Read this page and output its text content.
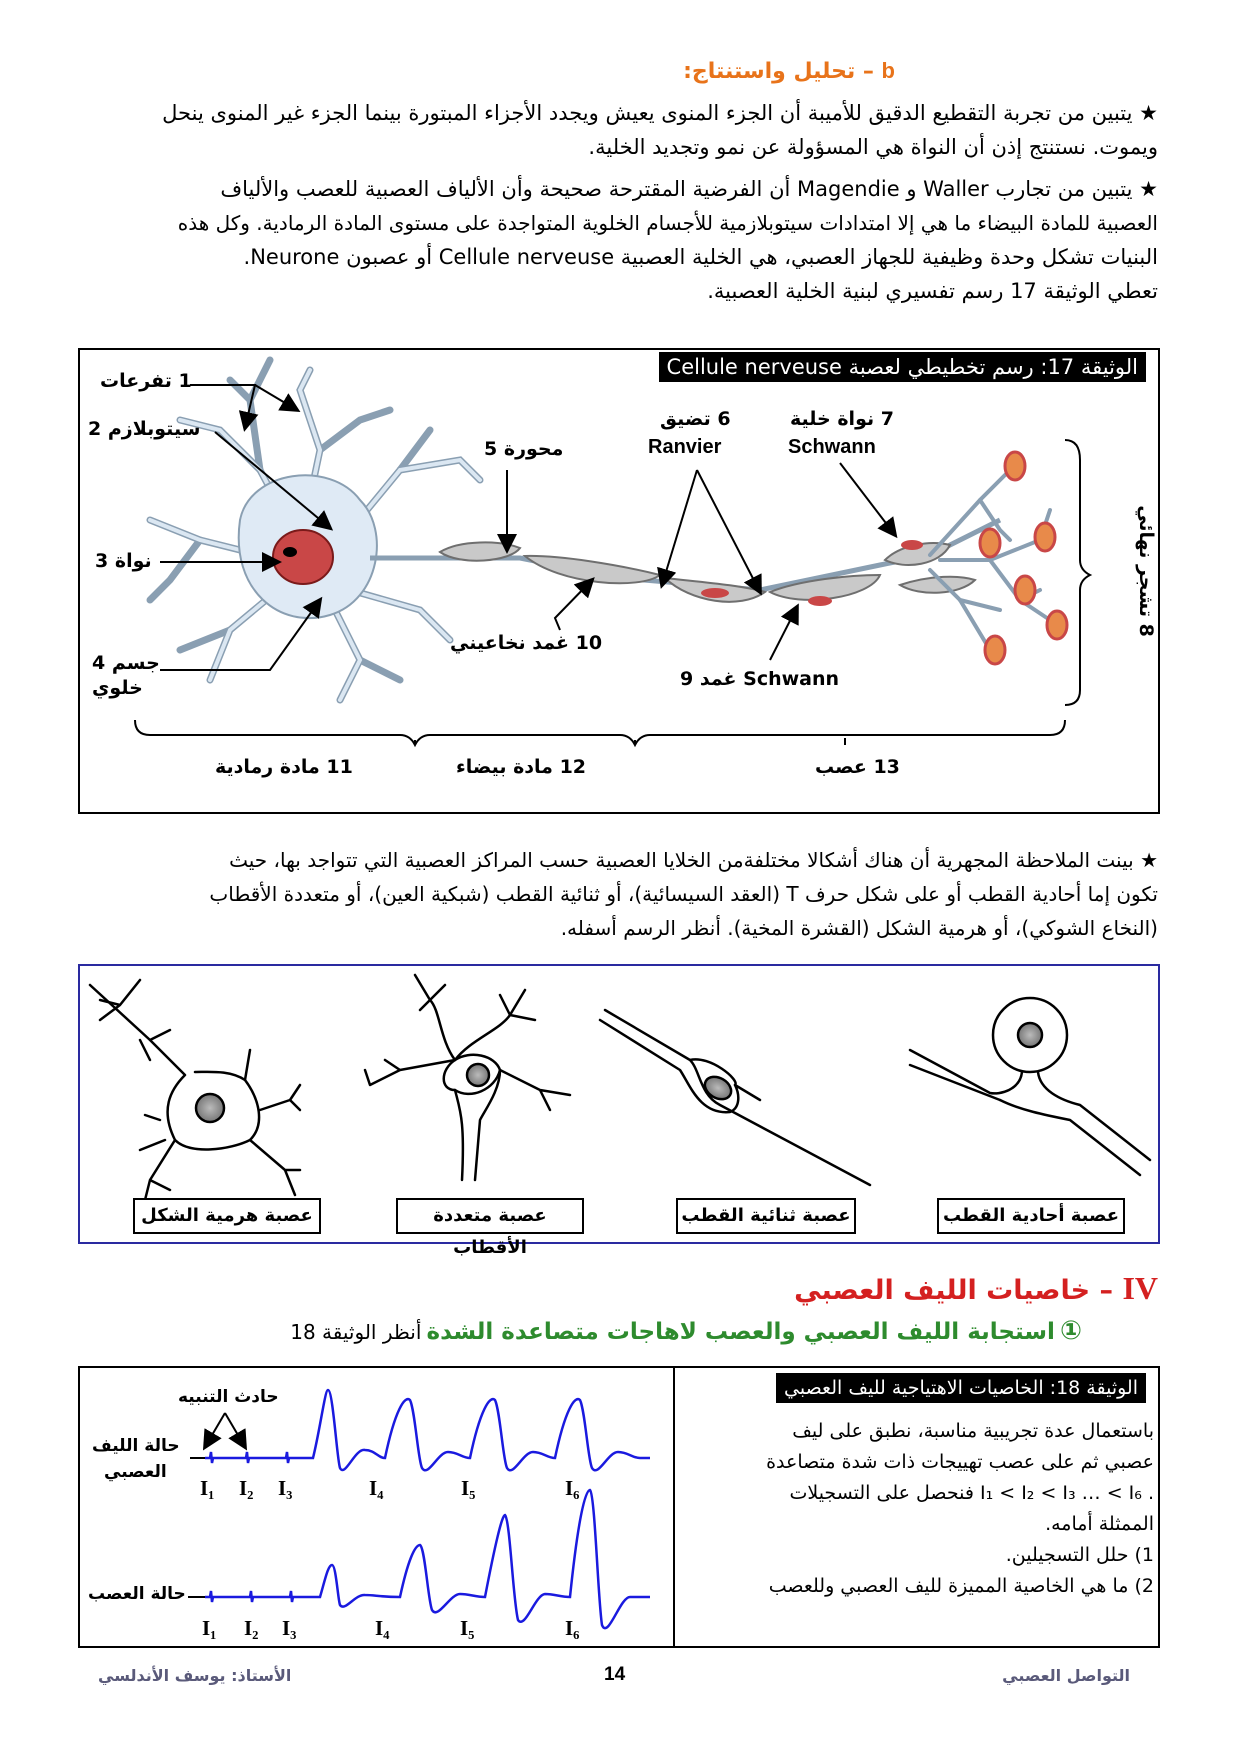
b – تحليل واستنتاج:
★ يتبين من تجربة التقطيع الدقيق للأميبة أن الجزء المنوى يعيش ويجدد الأجزاء المبتورة بينما الجزء غير المنوى ينحل
ويموت. نستنتج إذن أن النواة هي المسؤولة عن نمو وتجديد الخلية.
★ يتبين من تجارب Waller و Magendie أن الفرضية المقترحة صحيحة وأن الألياف العصبية للعصب والألياف
العصبية للمادة البيضاء ما هي إلا امتدادات سيتوبلازمية للأجسام الخلوية المتواجدة على مستوى المادة الرمادية. وكل هذه
البنيات تشكل وحدة وظيفية للجهاز العصبي، هي الخلية العصبية Cellule nerveuse أو عصبون Neurone.
تعطي الوثيقة 17 رسم تفسيري لبنية الخلية العصبية.
الوثيقة 17: رسم تخطيطي لعصبة Cellule nerveuse
1 تفرعات
سيتوبلازم 2
نواة 3
جسم 4
خلوي
محورة 5
6 تضيق
Ranvier
7 نواة خلية
Schwann
8 تشجر نهائي
Schwann غمد 9
10 غمد نخاعيني
11 مادة رمادية	12 مادة بيضاء	13 عصب
★ بينت الملاحظة المجهرية أن هناك أشكالا مختلفةمن الخلايا العصبية حسب المراكز العصبية التي تتواجد بها، حيث
تكون إما أحادية القطب أو على شكل حرف T (العقد السيسائية)، أو ثنائية القطب (شبكية العين)، أو متعددة الأقطاب
(النخاع الشوكي)، أو هرمية الشكل (القشرة المخية). أنظر الرسم أسفله.
عصبة هرمية الشكل	عصبة متعددة الأقطاب
عصبة ثنائية القطب	عصبة أحادية القطب
IV – خاصيات الليف العصبي
① استجابة الليف العصبي والعصب لاهاجات متصاعدة الشدة أنظر الوثيقة 18
الوثيقة 18: الخاصيات الاهتياجية لليف العصبي
باستعمال عدة تجريبية مناسبة، نطبق على ليف
عصبي ثم على عصب تهييجات ذات شدة متصاعدة
. I₁ < I₂ < I₃ … < I₆ فنحصل على التسجيلات
الممثلة أمامه.
1) حلل التسجيلين.
2) ما هي الخاصية المميزة لليف العصبي وللعصب
حادث التنبيه
حالة الليف
العصبي
حالة العصب
I₁ I₂ I₃	I₄	I₅	I₆
I₁ I₂ I₃	I₄	I₅	I₆
الأستاذ: يوسف الأندلسي	14	التواصل العصبي
